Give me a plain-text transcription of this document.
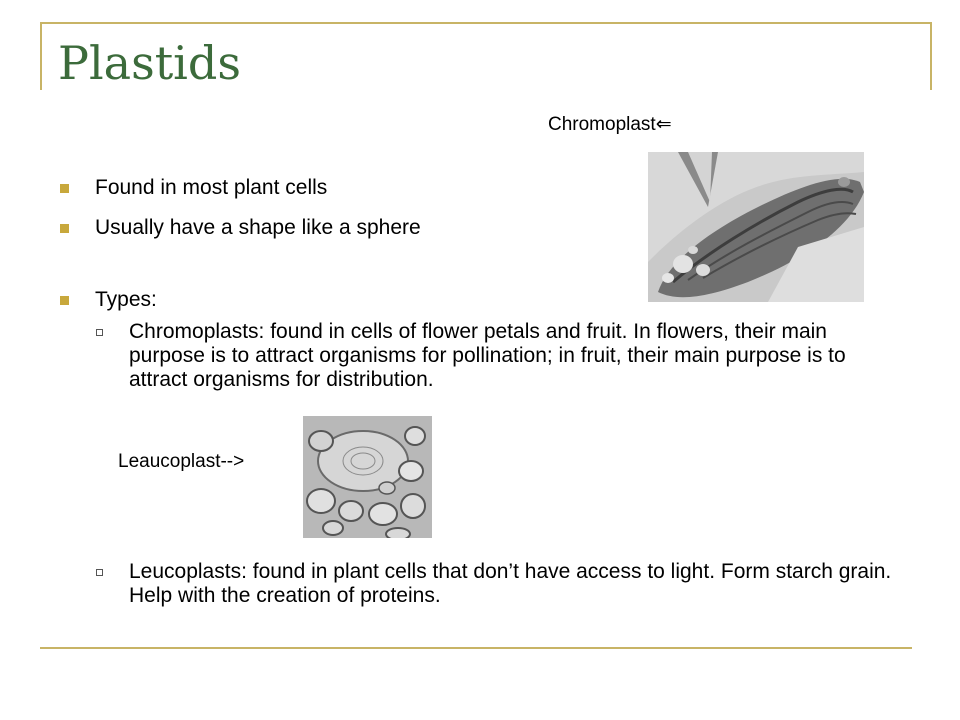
Plastids
Chromoplast⇐
Found in most plant cells
Usually have a shape like a sphere
Types:
Chromoplasts: found in cells of flower petals and fruit. In flowers, their main purpose is to attract organisms for pollination; in fruit, their main purpose is to attract organisms for distribution.
Leaucoplast-->
Leucoplasts: found in plant cells that don’t have access to light. Form starch grain. Help with the creation of proteins.
